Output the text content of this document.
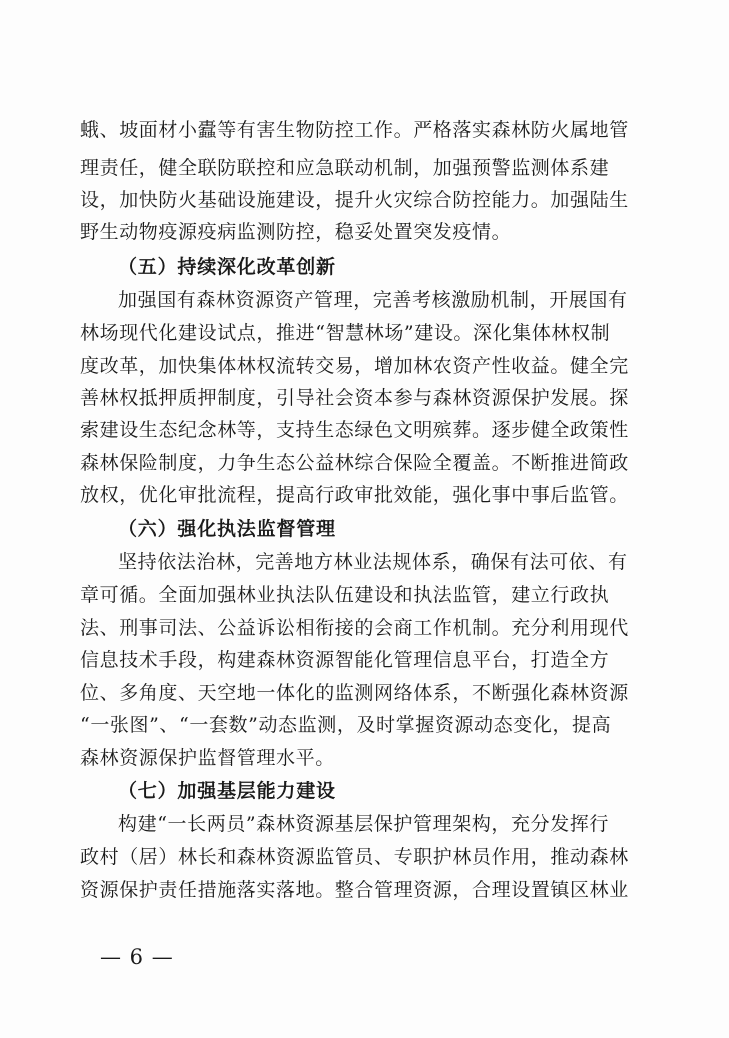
蛾、坡面材小蠹等有害生物防控工作。严格落实森林防火属地管
理责任，健全联防联控和应急联动机制，加强预警监测体系建
设，加快防火基础设施建设，提升火灾综合防控能力。加强陆生
野生动物疫源疫病监测防控，稳妥处置突发疫情。
（五）持续深化改革创新
加强国有森林资源资产管理，完善考核激励机制，开展国有
林场现代化建设试点，推进“智慧林场”建设。深化集体林权制
度改革，加快集体林权流转交易，增加林农资产性收益。健全完
善林权抵押质押制度，引导社会资本参与森林资源保护发展。探
索建设生态纪念林等，支持生态绿色文明殡葬。逐步健全政策性
森林保险制度，力争生态公益林综合保险全覆盖。不断推进简政
放权，优化审批流程，提高行政审批效能，强化事中事后监管。
（六）强化执法监督管理
坚持依法治林，完善地方林业法规体系，确保有法可依、有
章可循。全面加强林业执法队伍建设和执法监管，建立行政执
法、刑事司法、公益诉讼相衔接的会商工作机制。充分利用现代
信息技术手段，构建森林资源智能化管理信息平台，打造全方
位、多角度、天空地一体化的监测网络体系，不断强化森林资源
“一张图”、“一套数”动态监测，及时掌握资源动态变化，提高
森林资源保护监督管理水平。
（七）加强基层能力建设
构建“一长两员”森林资源基层保护管理架构，充分发挥行
政村（居）林长和森林资源监管员、专职护林员作用，推动森林
资源保护责任措施落实落地。整合管理资源，合理设置镇区林业
— 6 —
